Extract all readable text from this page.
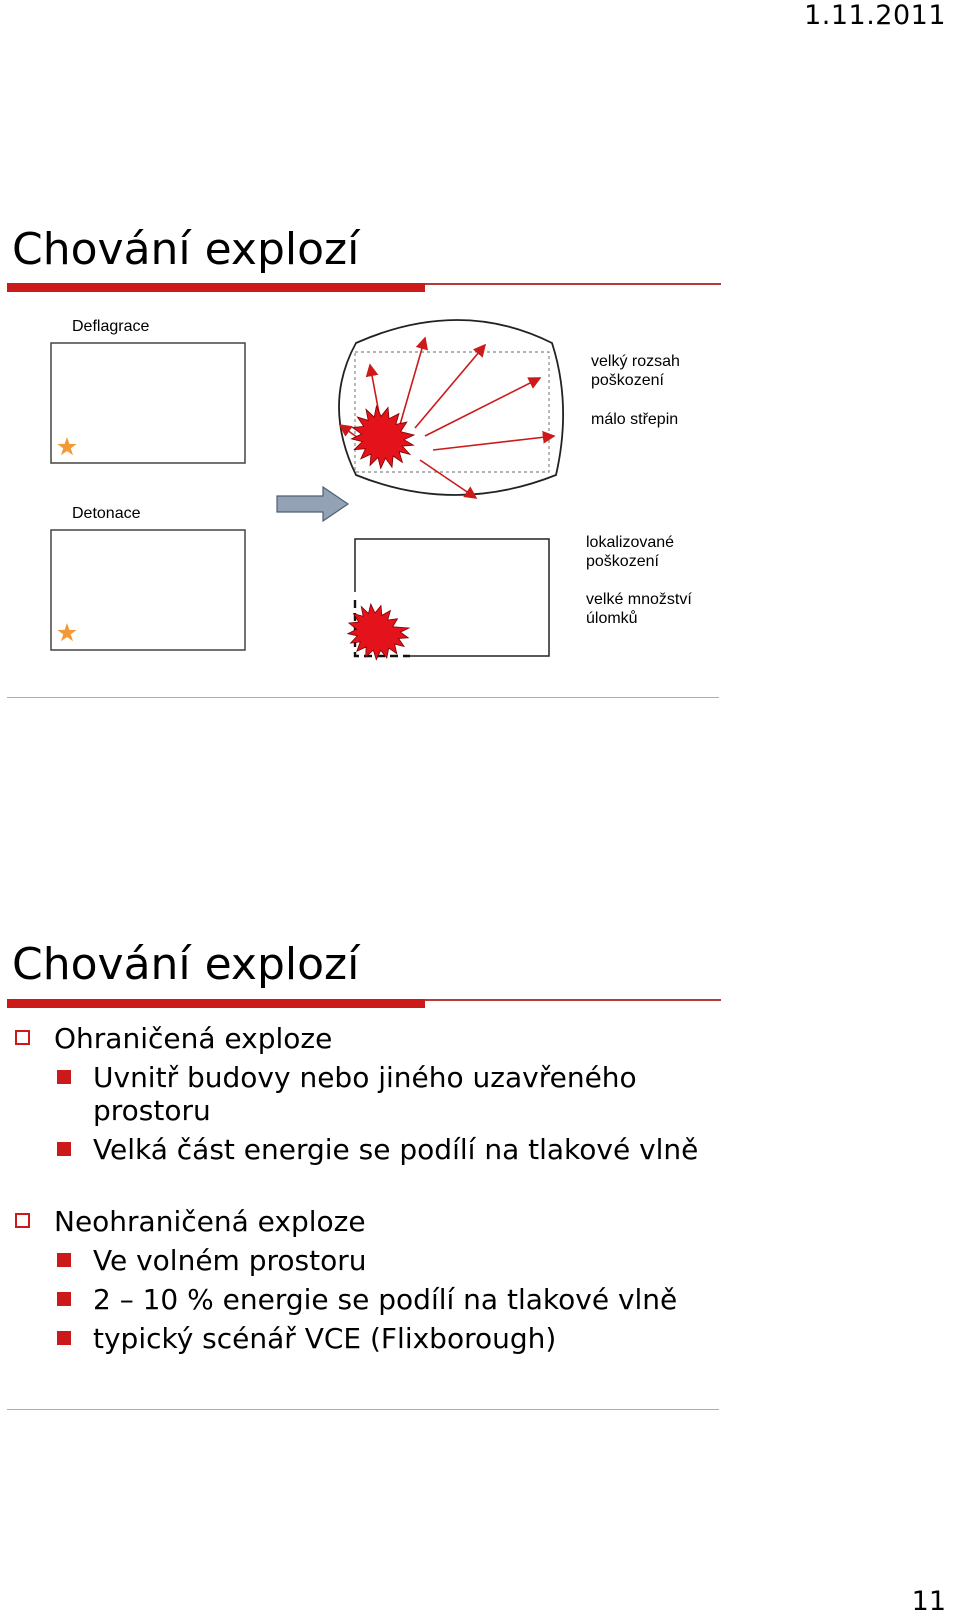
1.11.2011
Chování explozí
Deflagrace
Detonace
velký rozsah poškození
málo střepin
lokalizované poškození
velké množství úlomků
Chování explozí

Ohraničená exploze

Uvnitř budovy nebo jiného uzavřeného prostoru

Velká část energie se podílí na tlakové vlně

Neohraničená exploze

Ve volném prostoru

2 – 10 % energie se podílí na tlakové vlně

typický scénář VCE (Flixborough)

11
